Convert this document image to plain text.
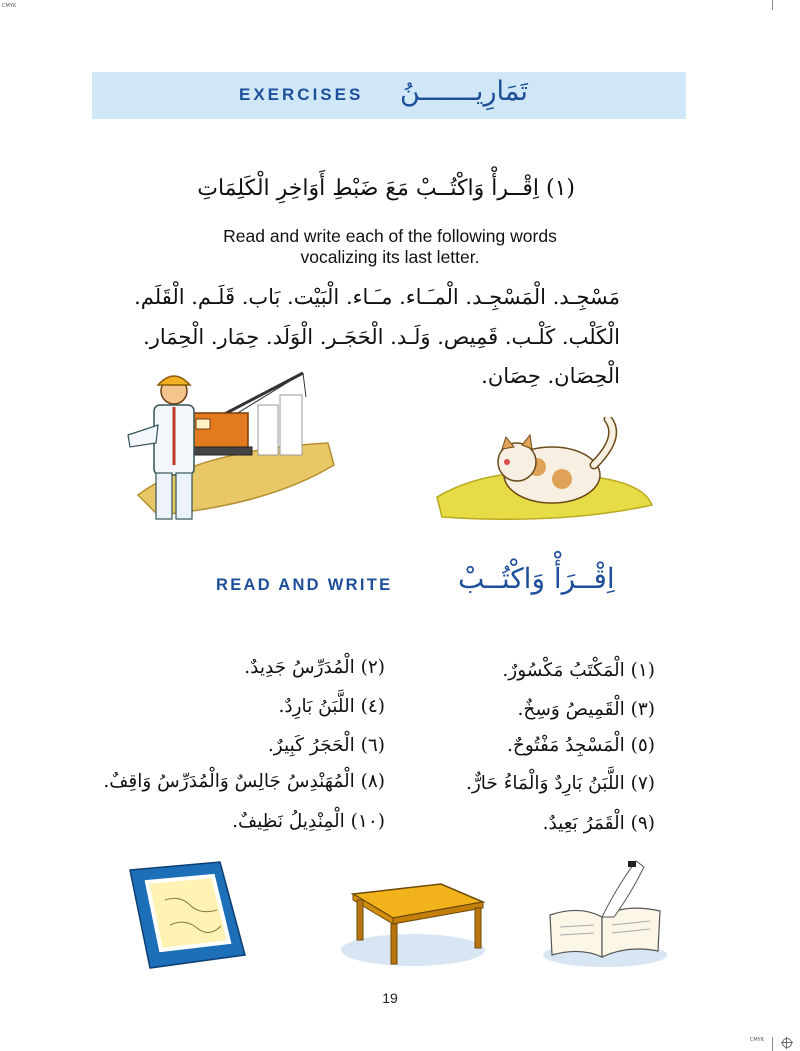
CMYK
CMYK
EXERCISES تَمَارِيـــــــنُ
(١) اِقْــرأْ وَاكْتُــبْ مَعَ ضَبْطِ أَوَاخِرِ الْكَلِمَاتِ
Read and write each of the following words
vocalizing its last letter.
مَسْجِـد. الْمَسْجِـد. الْمـَـاء. مـَـاء. الْبَيْت. بَاب. قَلَـم. الْقَلَم.
الْكَلْب. كَلْـب. قَمِيص. وَلَـد. الْحَجَـر. الْوَلَد. حِمَار. الْحِمَار.
الْحِصَان. حِصَان.
READ AND WRITE اِقْــرَأْ وَاكْتُــبْ
(١) الْمَكْتَبُ مَكْسُورٌ.
(٢) الْمُدَرِّسُ جَدِيدٌ.
(٣) الْقَمِيصُ وَسِخٌ.
(٤) اللَّبَنُ بَارِدٌ.
(٥) الْمَسْجِدُ مَفْتُوحٌ.
(٦) الْحَجَرُ كَبِيرٌ.
(٧) اللَّبَنُ بَارِدٌ وَالْمَاءُ حَارٌّ.
(٨) الْمُهَنْدِسُ جَالِسٌ وَالْمُدَرِّسُ وَاقِفٌ.
(٩) الْقَمَرُ بَعِيدٌ.
(١٠) الْمِنْدِيلُ نَظِيفٌ.
19
